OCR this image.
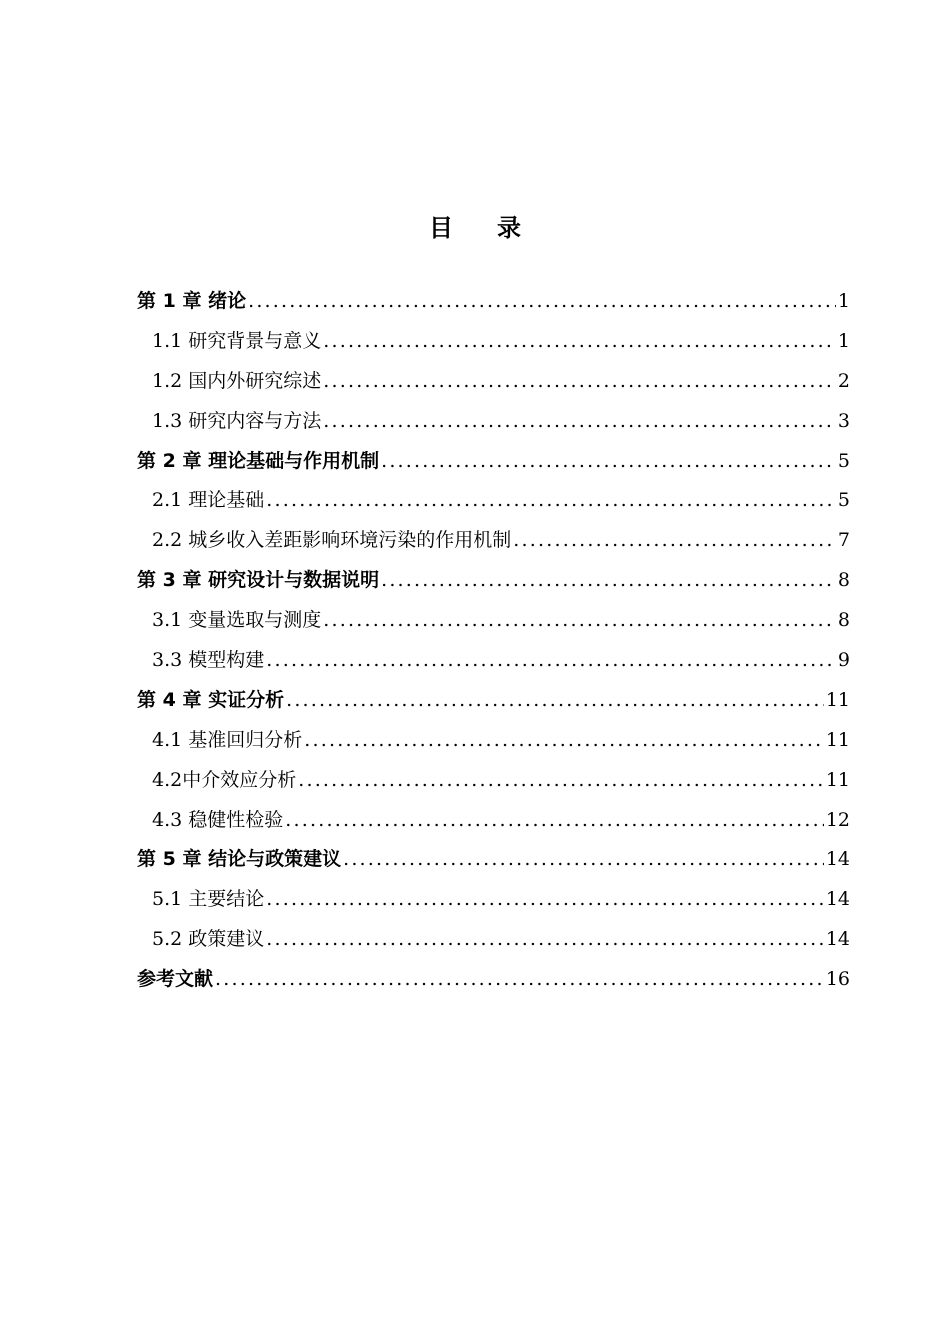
目 录
第 1 章 绪论 .....	1
1.1 研究背景与意义 .....	1
1.2 国内外研究综述 .....	2
1.3 研究内容与方法 .....	3
第 2 章 理论基础与作用机制 .....	5
2.1 理论基础 .....	5
2.2 城乡收入差距影响环境污染的作用机制 .....	7
第 3 章 研究设计与数据说明 .....	8
3.1 变量选取与测度 .....	8
3.3 模型构建 .....	9
第 4 章 实证分析 .....	11
4.1 基准回归分析 .....	11
4.2中介效应分析 .....	11
4.3 稳健性检验 .....	12
第 5 章 结论与政策建议 .....	14
5.1 主要结论 .....	14
5.2 政策建议 .....	14
参考文献 .....	16
